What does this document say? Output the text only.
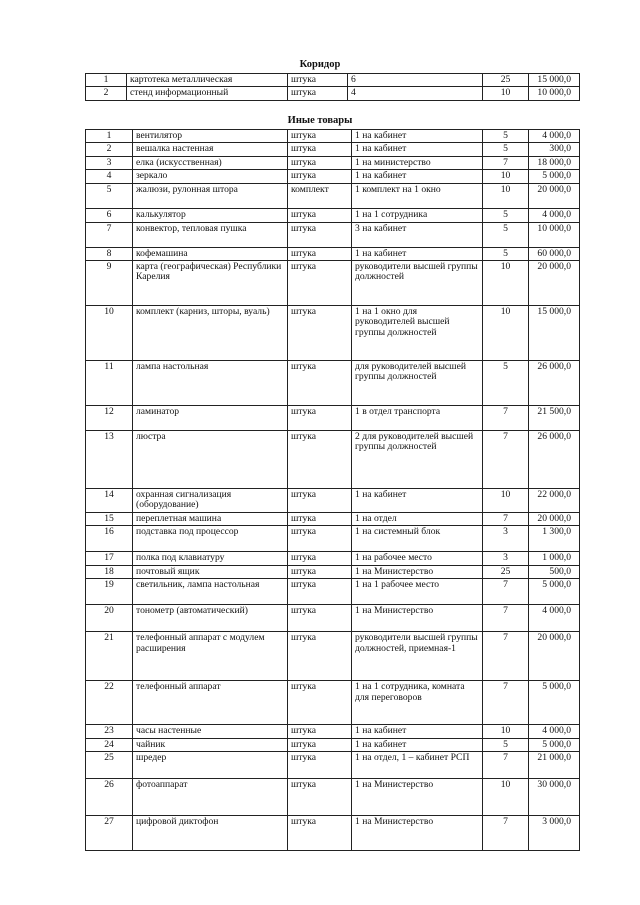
Коридор
1	картотека металлическая	штука	6	25	15 000,0
2	стенд информационный	штука	4	10	10 000,0
Иные товары
1	вентилятор	штука	1 на кабинет	5	4 000,0
2	вешалка настенная	штука	1 на кабинет	5	300,0
3	елка (искусственная)	штука	1 на министерство	7	18 000,0
4	зеркало	штука	1 на кабинет	10	5 000,0
5	жалюзи, рулонная штора	комплект	1 комплект на 1 окно	10	20 000,0
6	калькулятор	штука	1 на 1 сотрудника	5	4 000,0
7	конвектор, тепловая пушка	штука	3 на кабинет	5	10 000,0
8	кофемашина	штука	1 на кабинет	5	60 000,0
9	карта (географическая) Республики Карелия	штука	руководители высшей группы должностей	10	20 000,0
10	комплект (карниз, шторы, вуаль)	штука	1 на 1 окно для руководителей высшей группы должностей	10	15 000,0
11	лампа настольная	штука	для руководителей высшей группы должностей	5	26 000,0
12	ламинатор	штука	1 в отдел транспорта	7	21 500,0
13	люстра	штука	2 для руководителей высшей группы должностей	7	26 000,0
14	охранная сигнализация (оборудование)	штука	1 на кабинет	10	22 000,0
15	переплетная машина	штука	1 на отдел	7	20 000,0
16	подставка под процессор	штука	1 на системный блок	3	1 300,0
17	полка под клавиатуру	штука	1 на рабочее место	3	1 000,0
18	почтовый ящик	штука	1 на Министерство	25	500,0
19	светильник, лампа настольная	штука	1 на 1 рабочее место	7	5 000,0
20	тонометр (автоматический)	штука	1 на Министерство	7	4 000,0
21	телефонный аппарат с модулем расширения	штука	руководители высшей группы должностей, приемная-1	7	20 000,0
22	телефонный аппарат	штука	1 на 1 сотрудника, комната для переговоров	7	5 000,0
23	часы настенные	штука	1 на кабинет	10	4 000,0
24	чайник	штука	1 на кабинет	5	5 000,0
25	шредер	штука	1 на отдел, 1 – кабинет РСП	7	21 000,0
26	фотоаппарат	штука	1 на Министерство	10	30 000,0
27	цифровой диктофон	штука	1 на Министерство	7	3 000,0
